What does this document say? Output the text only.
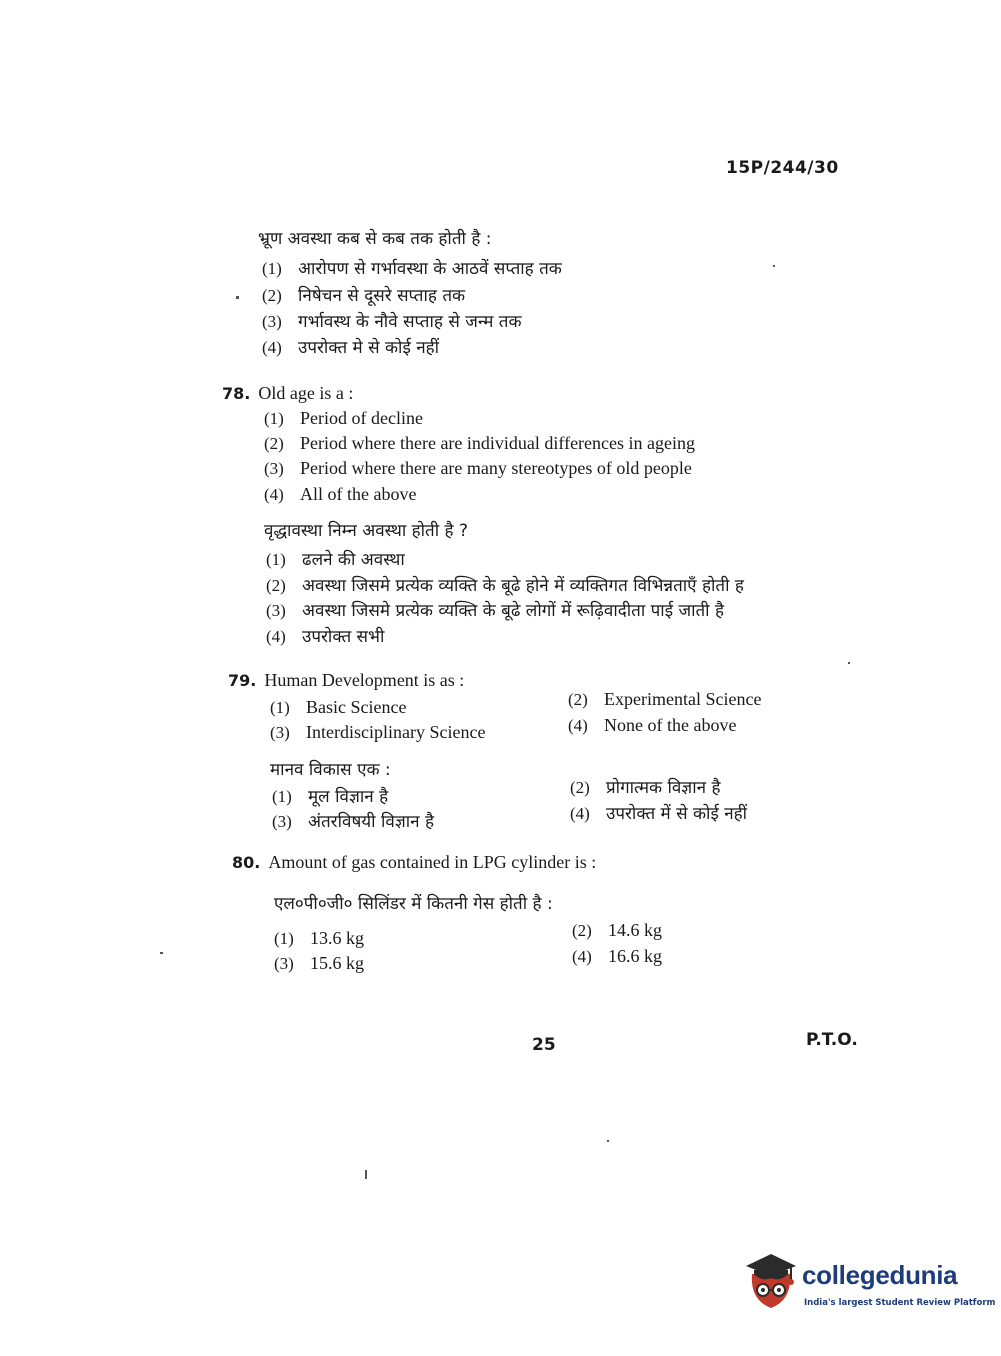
15P/244/30
भ्रूण अवस्था कब से कब तक होती है :
(1) आरोपण से गर्भावस्था के आठवें सप्ताह तक
(2) निषेचन से दूसरे सप्ताह तक
(3) गर्भावस्थ के नौवे सप्ताह से जन्म तक
(4) उपरोक्त मे से कोई नहीं
78. Old age is a :
(1) Period of decline
(2) Period where there are individual differences in ageing
(3) Period where there are many stereotypes of old people
(4) All of the above
वृद्धावस्था निम्न अवस्था होती है ?
(1) ढलने की अवस्था
(2) अवस्था जिसमे प्रत्येक व्यक्ति के बूढे होने में व्यक्तिगत विभिन्नताएँ होती ह
(3) अवस्था जिसमे प्रत्येक व्यक्ति के बूढे लोगों में रूढ़िवादीता पाई जाती है
(4) उपरोक्त सभी
79. Human Development is as :
(1) Basic Science	(2) Experimental Science
(3) Interdisciplinary Science	(4) None of the above
मानव विकास एक :
(1) मूल विज्ञान है	(2) प्रोगात्मक विज्ञान है
(3) अंतरविषयी विज्ञान है	(4) उपरोक्त में से कोई नहीं
80. Amount of gas contained in LPG cylinder is :
एल०पी०जी० सिलिंडर में कितनी गेस होती है :
(1) 13.6 kg	(2) 14.6 kg
(3) 15.6 kg	(4) 16.6 kg
25	P.T.O.
collegedunia
India's largest Student Review Platform
